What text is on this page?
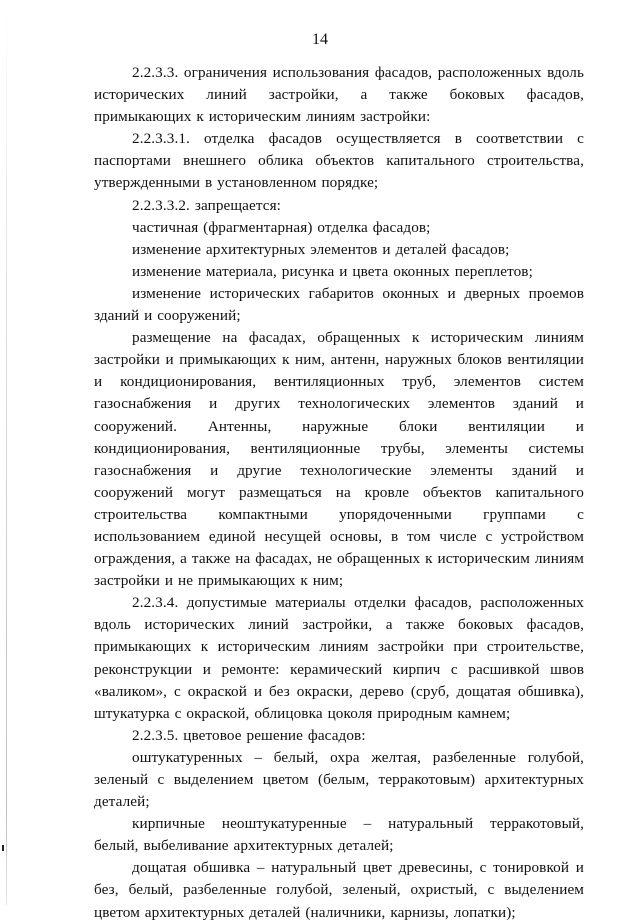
14

2.2.3.3. ограничения использования фасадов, расположенных вдоль исторических линий застройки, а также боковых фасадов, примыкающих к историческим линиям застройки:

2.2.3.3.1. отделка фасадов осуществляется в соответствии с паспортами внешнего облика объектов капитального строительства, утвержденными в установленном порядке;

2.2.3.3.2. запрещается:

частичная (фрагментарная) отделка фасадов;

изменение архитектурных элементов и деталей фасадов;

изменение материала, рисунка и цвета оконных переплетов;

изменение исторических габаритов оконных и дверных проемов зданий и сооружений;

размещение на фасадах, обращенных к историческим линиям застройки и примыкающих к ним, антенн, наружных блоков вентиляции и кондиционирования, вентиляционных труб, элементов систем газоснабжения и других технологических элементов зданий и сооружений. Антенны, наружные блоки вентиляции и кондиционирования, вентиляционные трубы, элементы системы газоснабжения и другие технологические элементы зданий и сооружений могут размещаться на кровле объектов капитального строительства компактными упорядоченными группами с использованием единой несущей основы, в том числе с устройством ограждения, а также на фасадах, не обращенных к историческим линиям застройки и не примыкающих к ним;

2.2.3.4. допустимые материалы отделки фасадов, расположенных вдоль исторических линий застройки, а также боковых фасадов, примыкающих к историческим линиям застройки при строительстве, реконструкции и ремонте: керамический кирпич с расшивкой швов «валиком», с окраской и без окраски, дерево (сруб, дощатая обшивка), штукатурка с окраской, облицовка цоколя природным камнем;

2.2.3.5. цветовое решение фасадов:

оштукатуренных – белый, охра желтая, разбеленные голубой, зеленый с выделением цветом (белым, терракотовым) архитектурных деталей;

кирпичные неоштукатуренные – натуральный терракотовый, белый, выбеливание архитектурных деталей;

дощатая обшивка – натуральный цвет древесины, с тонировкой и без, белый, разбеленные голубой, зеленый, охристый, с выделением цветом архитектурных деталей (наличники, карнизы, лопатки);
